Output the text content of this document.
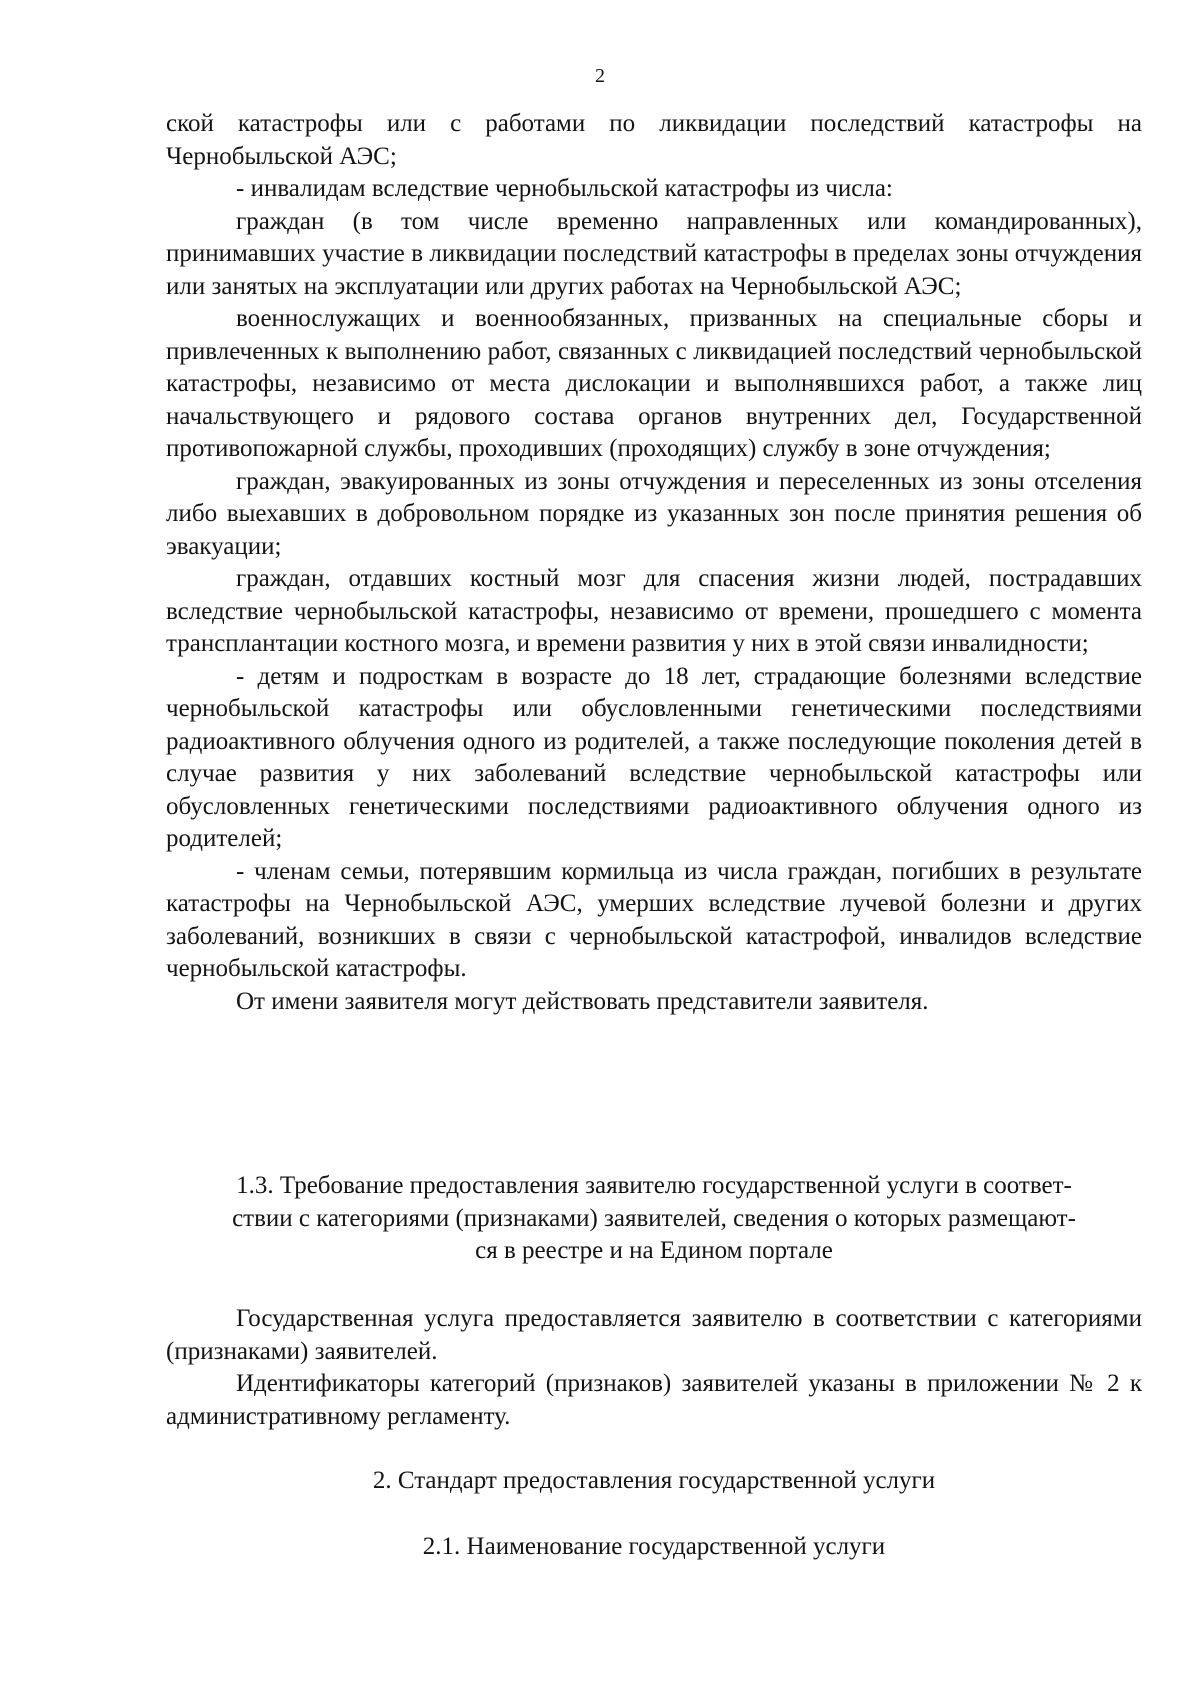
2

ской катастрофы или с работами по ликвидации последствий катастрофы на Чернобыльской АЭС;

- инвалидам вследствие чернобыльской катастрофы из числа:

граждан (в том числе временно направленных или командированных), принимавших участие в ликвидации последствий катастрофы в пределах зоны отчуждения или занятых на эксплуатации или других работах на Чернобыльской АЭС;

военнослужащих и военнообязанных, призванных на специальные сборы и привлеченных к выполнению работ, связанных с ликвидацией последствий чернобыльской катастрофы, независимо от места дислокации и выполнявшихся работ, а также лиц начальствующего и рядового состава органов внутренних дел, Государственной противопожарной службы, проходивших (проходящих) службу в зоне отчуждения;

граждан, эвакуированных из зоны отчуждения и переселенных из зоны отселения либо выехавших в добровольном порядке из указанных зон после принятия решения об эвакуации;

граждан, отдавших костный мозг для спасения жизни людей, пострадавших вследствие чернобыльской катастрофы, независимо от времени, прошедшего с момента трансплантации костного мозга, и времени развития у них в этой связи инвалидности;

- детям и подросткам в возрасте до 18 лет, страдающие болезнями вследствие чернобыльской катастрофы или обусловленными генетическими последствиями радиоактивного облучения одного из родителей, а также последующие поколения детей в случае развития у них заболеваний вследствие чернобыльской катастрофы или обусловленных генетическими последствиями радиоактивного облучения одного из родителей;

- членам семьи, потерявшим кормильца из числа граждан, погибших в результате катастрофы на Чернобыльской АЭС, умерших вследствие лучевой болезни и других заболеваний, возникших в связи с чернобыльской катастрофой, инвалидов вследствие чернобыльской катастрофы.

От имени заявителя могут действовать представители заявителя.

1.3. Требование предоставления заявителю государственной услуги в соответ-
ствии с категориями (признаками) заявителей, сведения о которых размещают-
ся в реестре и на Едином портале

Государственная услуга предоставляется заявителю в соответствии с категориями (признаками) заявителей.

Идентификаторы категорий (признаков) заявителей указаны в приложении № 2 к административному регламенту.

2. Стандарт предоставления государственной услуги
2.1. Наименование государственной услуги
